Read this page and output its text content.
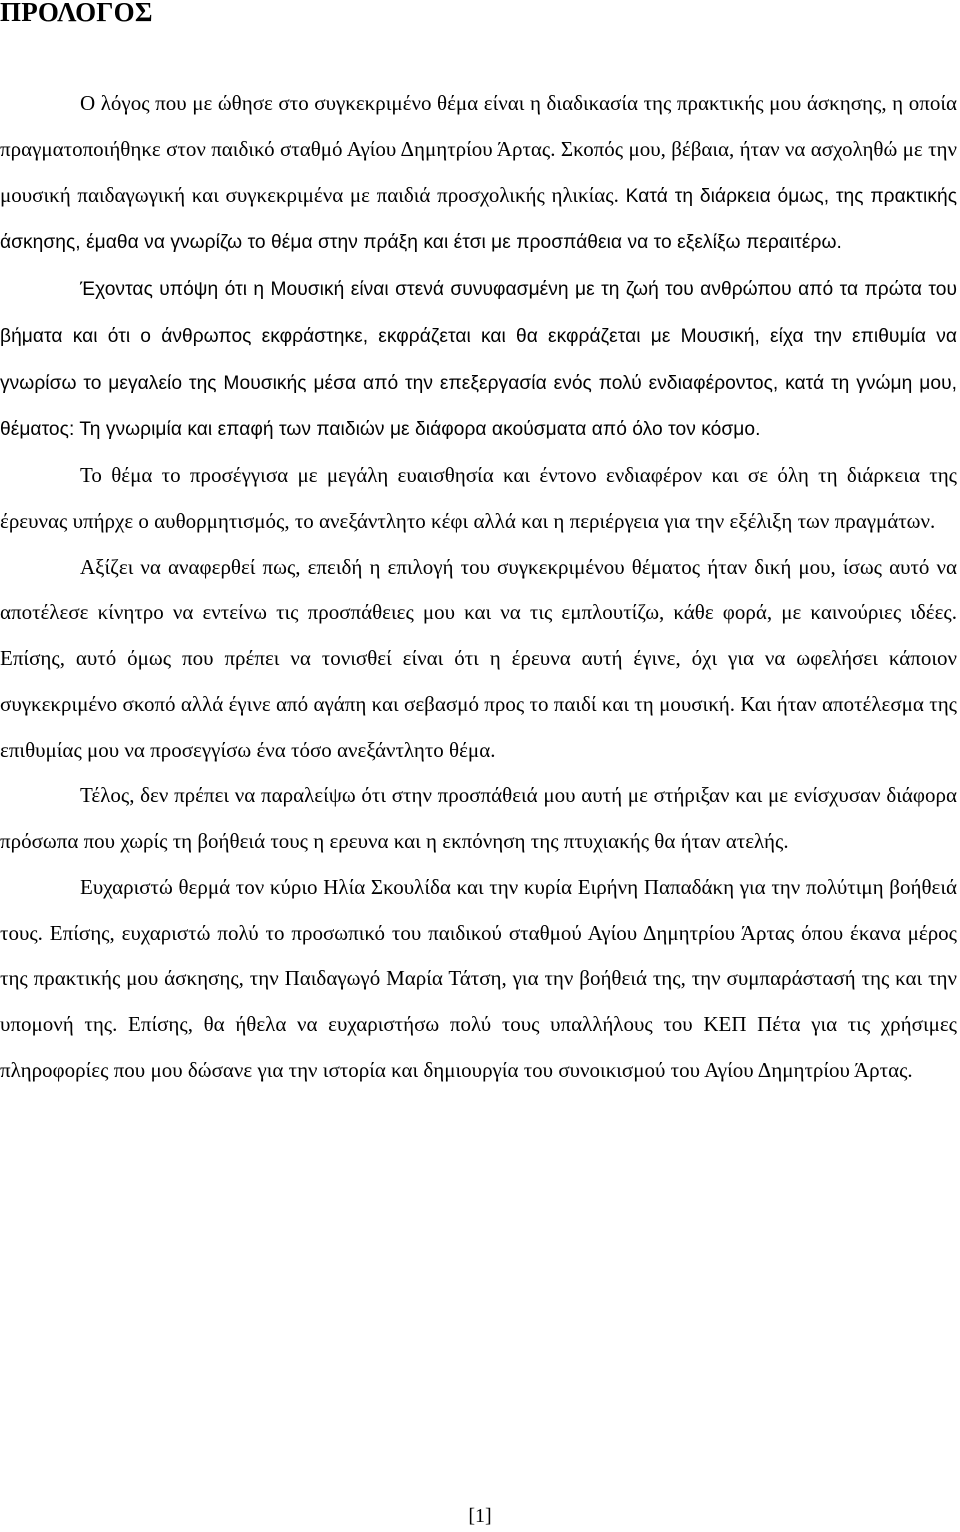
ΠΡΟΛΟΓΟΣ

Ο λόγος που με ώθησε στο συγκεκριμένο θέμα είναι η διαδικασία της πρακτικής μου άσκησης, η οποία πραγματοποιήθηκε στον παιδικό σταθμό Αγίου Δημητρίου Άρτας. Σκοπός μου, βέβαια, ήταν να ασχοληθώ με την μουσική παιδαγωγική και συγκεκριμένα με παιδιά προσχολικής ηλικίας. Κατά τη διάρκεια όμως, της πρακτικής άσκησης, έμαθα να γνωρίζω το θέμα στην πράξη και έτσι με προσπάθεια να το εξελίξω περαιτέρω.

Έχοντας υπόψη ότι η Μουσική είναι στενά συνυφασμένη με τη ζωή του ανθρώπου από τα πρώτα του βήματα και ότι ο άνθρωπος εκφράστηκε, εκφράζεται και θα εκφράζεται με Μουσική, είχα την επιθυμία να γνωρίσω το μεγαλείο της Μουσικής μέσα από την επεξεργασία ενός πολύ ενδιαφέροντος, κατά τη γνώμη μου, θέματος: Τη γνωριμία και επαφή των παιδιών με διάφορα ακούσματα από όλο τον κόσμο.

Το θέμα το προσέγγισα με μεγάλη ευαισθησία και έντονο ενδιαφέρον και σε όλη τη διάρκεια της έρευνας υπήρχε ο αυθορμητισμός, το ανεξάντλητο κέφι αλλά και η περιέργεια για την εξέλιξη των πραγμάτων.

Αξίζει να αναφερθεί πως, επειδή η επιλογή του συγκεκριμένου θέματος ήταν δική μου, ίσως αυτό να αποτέλεσε κίνητρο να εντείνω τις προσπάθειες μου και να τις εμπλουτίζω, κάθε φορά, με καινούριες ιδέες. Επίσης, αυτό όμως που πρέπει να τονισθεί είναι ότι η έρευνα αυτή έγινε, όχι για να ωφελήσει κάποιον συγκεκριμένο σκοπό αλλά έγινε από αγάπη και σεβασμό προς το παιδί και τη μουσική. Και ήταν αποτέλεσμα της επιθυμίας μου να προσεγγίσω ένα τόσο ανεξάντλητο θέμα.

Τέλος, δεν πρέπει να παραλείψω ότι στην προσπάθειά μου αυτή με στήριξαν και με ενίσχυσαν διάφορα πρόσωπα που χωρίς τη βοήθειά τους η ερευνα και η εκπόνηση της πτυχιακής θα ήταν ατελής.

Ευχαριστώ θερμά τον κύριο Ηλία Σκουλίδα και την κυρία Ειρήνη Παπαδάκη για την πολύτιμη βοήθειά τους. Επίσης, ευχαριστώ πολύ το προσωπικό του παιδικού σταθμού Αγίου Δημητρίου Άρτας όπου έκανα μέρος της πρακτικής μου άσκησης, την Παιδαγωγό Μαρία Τάτση, για την βοήθειά της, την συμπαράστασή της και την υπομονή της. Επίσης, θα ήθελα να ευχαριστήσω πολύ τους υπαλλήλους του ΚΕΠ Πέτα για τις χρήσιμες πληροφορίες που μου δώσανε για την ιστορία και δημιουργία του συνοικισμού του Αγίου Δημητρίου Άρτας.

[1]
